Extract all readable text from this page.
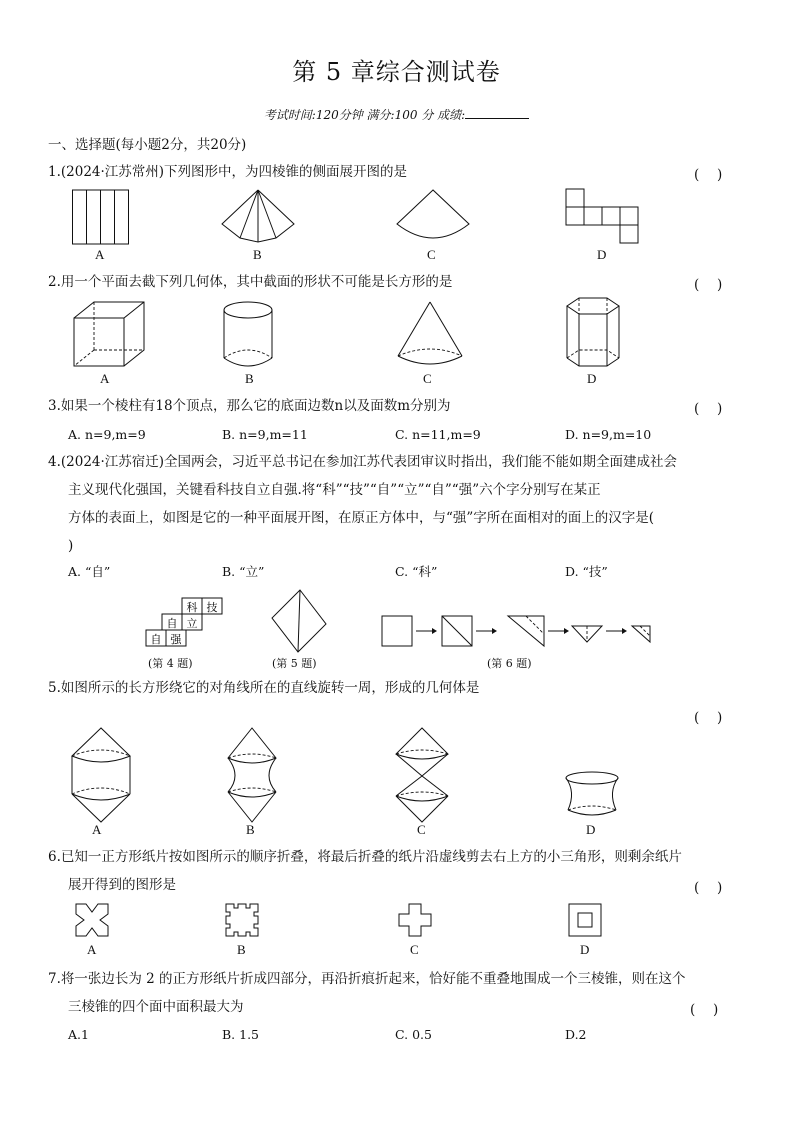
第 5 章综合测试卷
考试时间:120分钟 满分:100 分 成绩:
一、选择题(每小题2分，共20分)
1.(2024·江苏常州)下列图形中，为四棱锥的侧面展开图的是	(　 )
A	B	C	D
2.用一个平面去截下列几何体，其中截面的形状不可能是长方形的是	(　 )
A	B	C	D
3.如果一个棱柱有18个顶点，那么它的底面边数n以及面数m分别为	(　 )
A. n=9,m=9	B. n=9,m=11	C. n=11,m=9	D. n=9,m=10
4.(2024·江苏宿迁)全国两会，习近平总书记在参加江苏代表团审议时指出，我们能不能如期全面建成社会
主义现代化强国，关键看科技自立自强.将“科”“技”“自”“立”“自”“强”六个字分别写在某正
方体的表面上，如图是它的一种平面展开图，在原正方体中，与“强”字所在面相对的面上的汉字是(
)
A. “自”	B. “立”	C. “科”	D. “技”
科 技
自 立
自 强
(第 4 题)	(第 5 题)	(第 6 题)
5.如图所示的长方形绕它的对角线所在的直线旋转一周，形成的几何体是
(　 )
A	B	C	D
6.已知一正方形纸片按如图所示的顺序折叠，将最后折叠的纸片沿虚线剪去右上方的小三角形，则剩余纸片
展开得到的图形是	(　 )
A	B	C	D
7.将一张边长为 2 的正方形纸片折成四部分，再沿折痕折起来，恰好能不重叠地围成一个三棱锥，则在这个
三棱锥的四个面中面积最大为	(　 )
A.1	B. 1.5	C. 0.5	D.2
